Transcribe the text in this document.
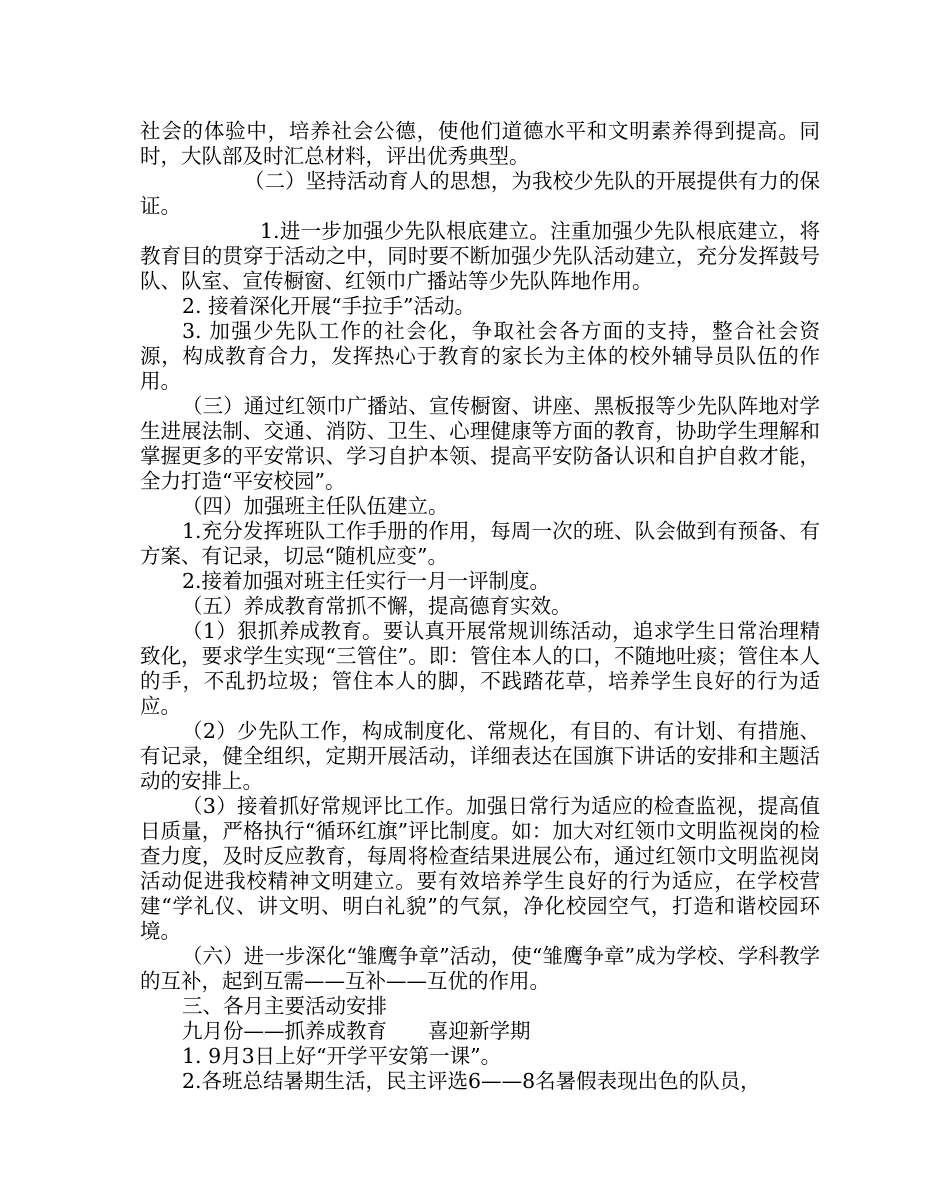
社会的体验中，培养社会公德，使他们道德水平和文明素养得到提高。同时，大队部及时汇总材料，评出优秀典型。

（二）坚持活动育人的思想，为我校少先队的开展提供有力的保证。

1.进一步加强少先队根底建立。注重加强少先队根底建立，将教育目的贯穿于活动之中，同时要不断加强少先队活动建立，充分发挥鼓号队、队室、宣传橱窗、红领巾广播站等少先队阵地作用。

2. 接着深化开展“手拉手”活动。

3. 加强少先队工作的社会化，争取社会各方面的支持，整合社会资源，构成教育合力，发挥热心于教育的家长为主体的校外辅导员队伍的作用。

（三）通过红领巾广播站、宣传橱窗、讲座、黑板报等少先队阵地对学生进展法制、交通、消防、卫生、心理健康等方面的教育，协助学生理解和掌握更多的平安常识、学习自护本领、提高平安防备认识和自护自救才能，全力打造“平安校园”。

（四）加强班主任队伍建立。

1.充分发挥班队工作手册的作用，每周一次的班、队会做到有预备、有方案、有记录，切忌“随机应变”。

2.接着加强对班主任实行一月一评制度。

（五）养成教育常抓不懈，提高德育实效。

（1）狠抓养成教育。要认真开展常规训练活动，追求学生日常治理精致化，要求学生实现“三管住”。即：管住本人的口，不随地吐痰；管住本人的手，不乱扔垃圾；管住本人的脚，不践踏花草，培养学生良好的行为适应。

（2）少先队工作，构成制度化、常规化，有目的、有计划、有措施、有记录，健全组织，定期开展活动，详细表达在国旗下讲话的安排和主题活动的安排上。

（3）接着抓好常规评比工作。加强日常行为适应的检查监视，提高值日质量，严格执行“循环红旗”评比制度。如：加大对红领巾文明监视岗的检查力度，及时反应教育，每周将检查结果进展公布，通过红领巾文明监视岗活动促进我校精神文明建立。要有效培养学生良好的行为适应，在学校营建“学礼仪、讲文明、明白礼貌”的气氛，净化校园空气，打造和谐校园环境。

（六）进一步深化“雏鹰争章”活动，使“雏鹰争章”成为学校、学科教学的互补，起到互需——互补——互优的作用。

三、各月主要活动安排

九月份——抓养成教育　　喜迎新学期

1. 9月3日上好“开学平安第一课”。

2.各班总结暑期生活，民主评选6——8名暑假表现出色的队员，
